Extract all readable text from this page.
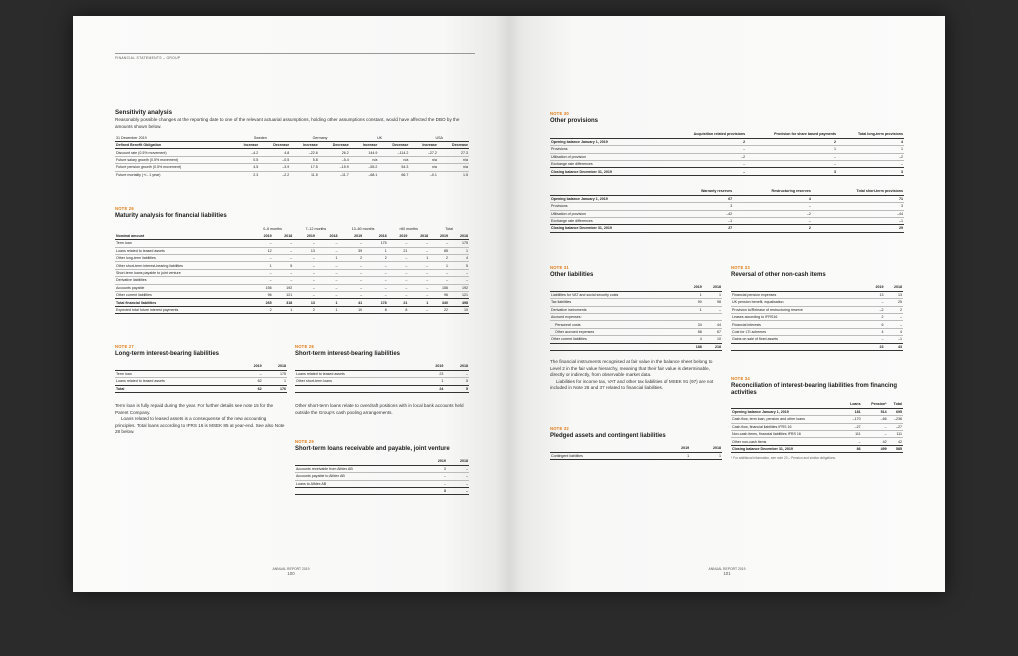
FINANCIAL STATEMENTS – GROUP
Sensitivity analysis
Reasonably possible changes at the reporting date to one of the relevant actuarial assumptions, holding other assumptions constant, would have affected the DBO by the amounts shown below.
31 December 2019	Sweden		Germany		UK		USA	
Defined Benefit Obligation	Increase	Decrease	Increase	Decrease	Increase	Decrease	Increase	Decrease
Discount rate (0.5% movement)	–4.2	4.8	–22.6	26.2	144.9	–114.2	–27.2	27.3
Future salary growth (0.5% movement)	0.5	–0.5	5.8	–5.4	n/a	n/a	n/a	n/a
Future pension growth (0.5% movement)	4.5	–3.9	17.5	–15.9	–55.2	54.3	n/a	n/a
Future mortality (+/– 1 year)	2.3	–2.2	11.5	–11.7	–68.1	66.7	–0.1	1.5
NOTE 26
Maturity analysis for financial liabilities
	0–6 months		7–12 months		13–60 months		>60 months		Total	
Nominal amount	2019	2018	2019	2018	2019	2018	2019	2018	2019	2018
Term loan	–	–	–	–	–	175	–	–	–	175
Loans related to leased assets	12	–	13	–	39	1	21	–	85	1
Other long-term liabilities	–	–	–	1	2	2	–	1	2	4
Other short-term interest-bearing liabilities	1	5	–	–	–	–	–	–	1	5
Short-term loans payable to joint venture	–	–	–	–	–	–	–	–	–	–
Derivative liabilities	–	–	–	–	–	–	–	–	–	–
Accounts payable	156	192	–	–	–	–	–	–	156	192
Other current liabilities	96	121	–	–	–	–	–	–	96	121
Total financial liabilities	265	318	13	1	41	178	21	1	340	498
Expected total future interest payments	2	1	2	1	10	8	8	–	22	10
NOTE 27
Long-term interest-bearing liabilities
	2019	2018
Term loan	–	175
Loans related to leased assets	62	1
Total	62	176
Term loan is fully repaid during the year. For further details see note 15 for the Parent Company.
Loans related to leased assets is a consequense of the new accounting principles. Total loans according to IFRS 16 is MSEK 85 at year-end. See also Note 28 below.
NOTE 28
Short-term interest-bearing liabilities
	2019	2018
Loans related to leased assets	23	–
Other short-term loans	1	5
	24	5
Other short-term loans relate to overdraft positions with in local bank accounts held outside the Group's cash pooling arrangements.
NOTE 29
Short-term loans receivable and payable, joint venture
	2019	2018
Accounts receivable from Alfdex AB	3	–
Accounts payable to Alfdex AB	–	–
Loans to Alfdex AB	–	–
	3	–
ANNUAL REPORT 2019
100
NOTE 30
Other provisions
	Acquisition related provisions	Provision for share based payments	Total long-term provisions
Opening balance January 1, 2019	2	2	4
Provisions	–	1	1
Utilisation of provision	–2	–	–2
Exchange rate differences	–	–	–
Closing balance December 31, 2019	–	3	3
	Warranty reserves	Restructuring reserves	Total short-term provisions
Opening balance January 1, 2019	67	4	71
Provisions	3	–	3
Utilisation of provision	–42	–2	–44
Exchange rate differences	–1	–	–1
Closing balance December 31, 2019	27	2	29
NOTE 31
Other liabilities
	2019	2018
Liabilities for VAT and social security costs	1	1
Tax liabilities	90	98
Derivative instruments	1	–
Accrued expenses:		
Personnel costs	34	44
Other accrued expenses	58	67
Other current liabilities	4	10
	188	218
The financial instruments recognised at fair value in the balance sheet belong to Level 2 in the fair value hierarchy, meaning that their fair value is determinable, directly or indirectly, from observable market data.
Liabilities for income tax, VAT and other tax liabilities of MSEK 91 (97) are not included in Note 26 and 37 related to financial liabilities.
NOTE 32
Pledged assets and contingent liabilities
	2019	2018
Contingent liabilities	1	1
NOTE 33
Reversal of other non-cash items
	2019	2018
Financial pension expenses	13	13
UK pension benefit, equalisation	–	25
Provision to/Release of restructuring reserve	–2	2
Leases according to IFRS16	2	–
Financial interests	6	–
Cost for LTI-schemes	4	4
Gains on sale of fixed assets	–	–1
	23	43
NOTE 34
Reconciliation of interest-bearing liabilities from financing activities
	Loans	Pension*	Total
Opening balance January 1, 2019	181	514	695
Cash flow, term loan, pension and other loans	–170	–66	–236
Cash flow, financial liabilities IFRS 16	–27	–	–27
Non-cash items, financial liabilities IFRS 16	111	–	111
Other non-cash items	–	42	42
Closing balance December 31, 2019	86	499	585
* For additional information, see note 23 – Pension and similar obligations.
ANNUAL REPORT 2019
101
